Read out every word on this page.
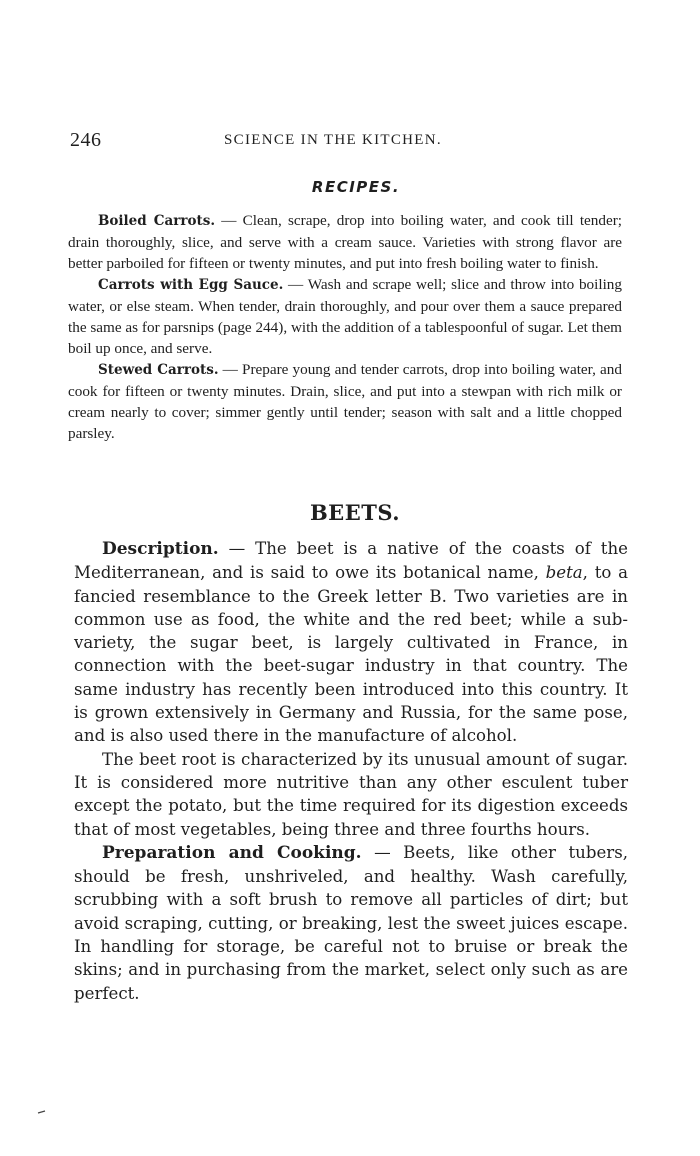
246	SCIENCE IN THE KITCHEN.
RECIPES.

Boiled Carrots. — Clean, scrape, drop into boiling water, and cook till tender; drain thoroughly, slice, and serve with a cream sauce. Varieties with strong flavor are better parboiled for fifteen or twenty minutes, and put into fresh boiling water to finish.

Carrots with Egg Sauce. — Wash and scrape well; slice and throw into boiling water, or else steam. When tender, drain thoroughly, and pour over them a sauce prepared the same as for parsnips (page 244), with the addition of a tablespoonful of sugar. Let them boil up once, and serve.

Stewed Carrots. — Prepare young and tender carrots, drop into boiling water, and cook for fifteen or twenty minutes. Drain, slice, and put into a stewpan with rich milk or cream nearly to cover; simmer gently until tender; season with salt and a little chopped parsley.

BEETS.

Description. — The beet is a native of the coasts of the Mediterranean, and is said to owe its botanical name, beta, to a fancied resemblance to the Greek letter B. Two varieties are in common use as food, the white and the red beet; while a sub-variety, the sugar beet, is largely cultivated in France, in connection with the beet-sugar industry in that country. The same industry has recently been introduced into this country. It is grown extensively in Germany and Russia, for the same pose, and is also used there in the manufacture of alcohol.

The beet root is characterized by its unusual amount of sugar. It is considered more nutritive than any other esculent tuber except the potato, but the time required for its digestion exceeds that of most vegetables, being three and three fourths hours.

Preparation and Cooking. — Beets, like other tubers, should be fresh, unshriveled, and healthy. Wash carefully, scrubbing with a soft brush to remove all particles of dirt; but avoid scraping, cutting, or breaking, lest the sweet juices escape. In handling for storage, be careful not to bruise or break the skins; and in purchasing from the market, select only such as are perfect.
